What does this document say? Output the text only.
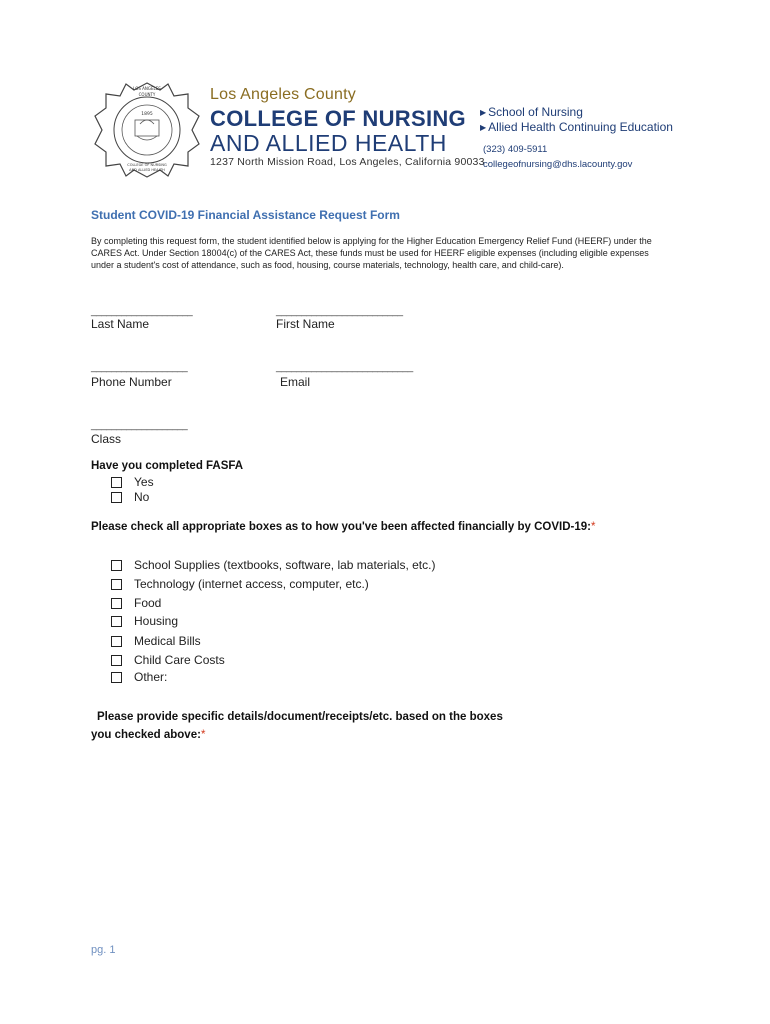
LOS ANGELES
COUNTY
1895
COLLEGE OF NURSING
AND ALLIED HEALTH
Los Angeles County
COLLEGE OF NURSING
AND ALLIED HEALTH
1237 North Mission Road, Los Angeles, California 90033
▶ School of Nursing
▶ Allied Health Continuing Education
(323) 409-5911
collegeofnursing@dhs.lacounty.gov
Student COVID-19 Financial Assistance Request Form
By completing this request form, the student identified below is applying for the Higher Education Emergency Relief Fund (HEERF) under the CARES Act. Under Section 18004(c) of the CARES Act, these funds must be used for HEERF eligible expenses (including eligible expenses under a student's cost of attendance, such as food, housing, course materials, technology, health care, and child-care).
____________________
Last Name
_________________________
First Name
___________________
Phone Number
___________________________
Email
___________________
Class
Have you completed FASFA
Yes
No
Please check all appropriate boxes as to how you've been affected financially by COVID-19:*
School Supplies (textbooks, software, lab materials, etc.)
Technology (internet access, computer, etc.)
Food
Housing
Medical Bills
Child Care Costs
Other:
Please provide specific details/document/receipts/etc. based on the boxes
you checked above:*
pg. 1
